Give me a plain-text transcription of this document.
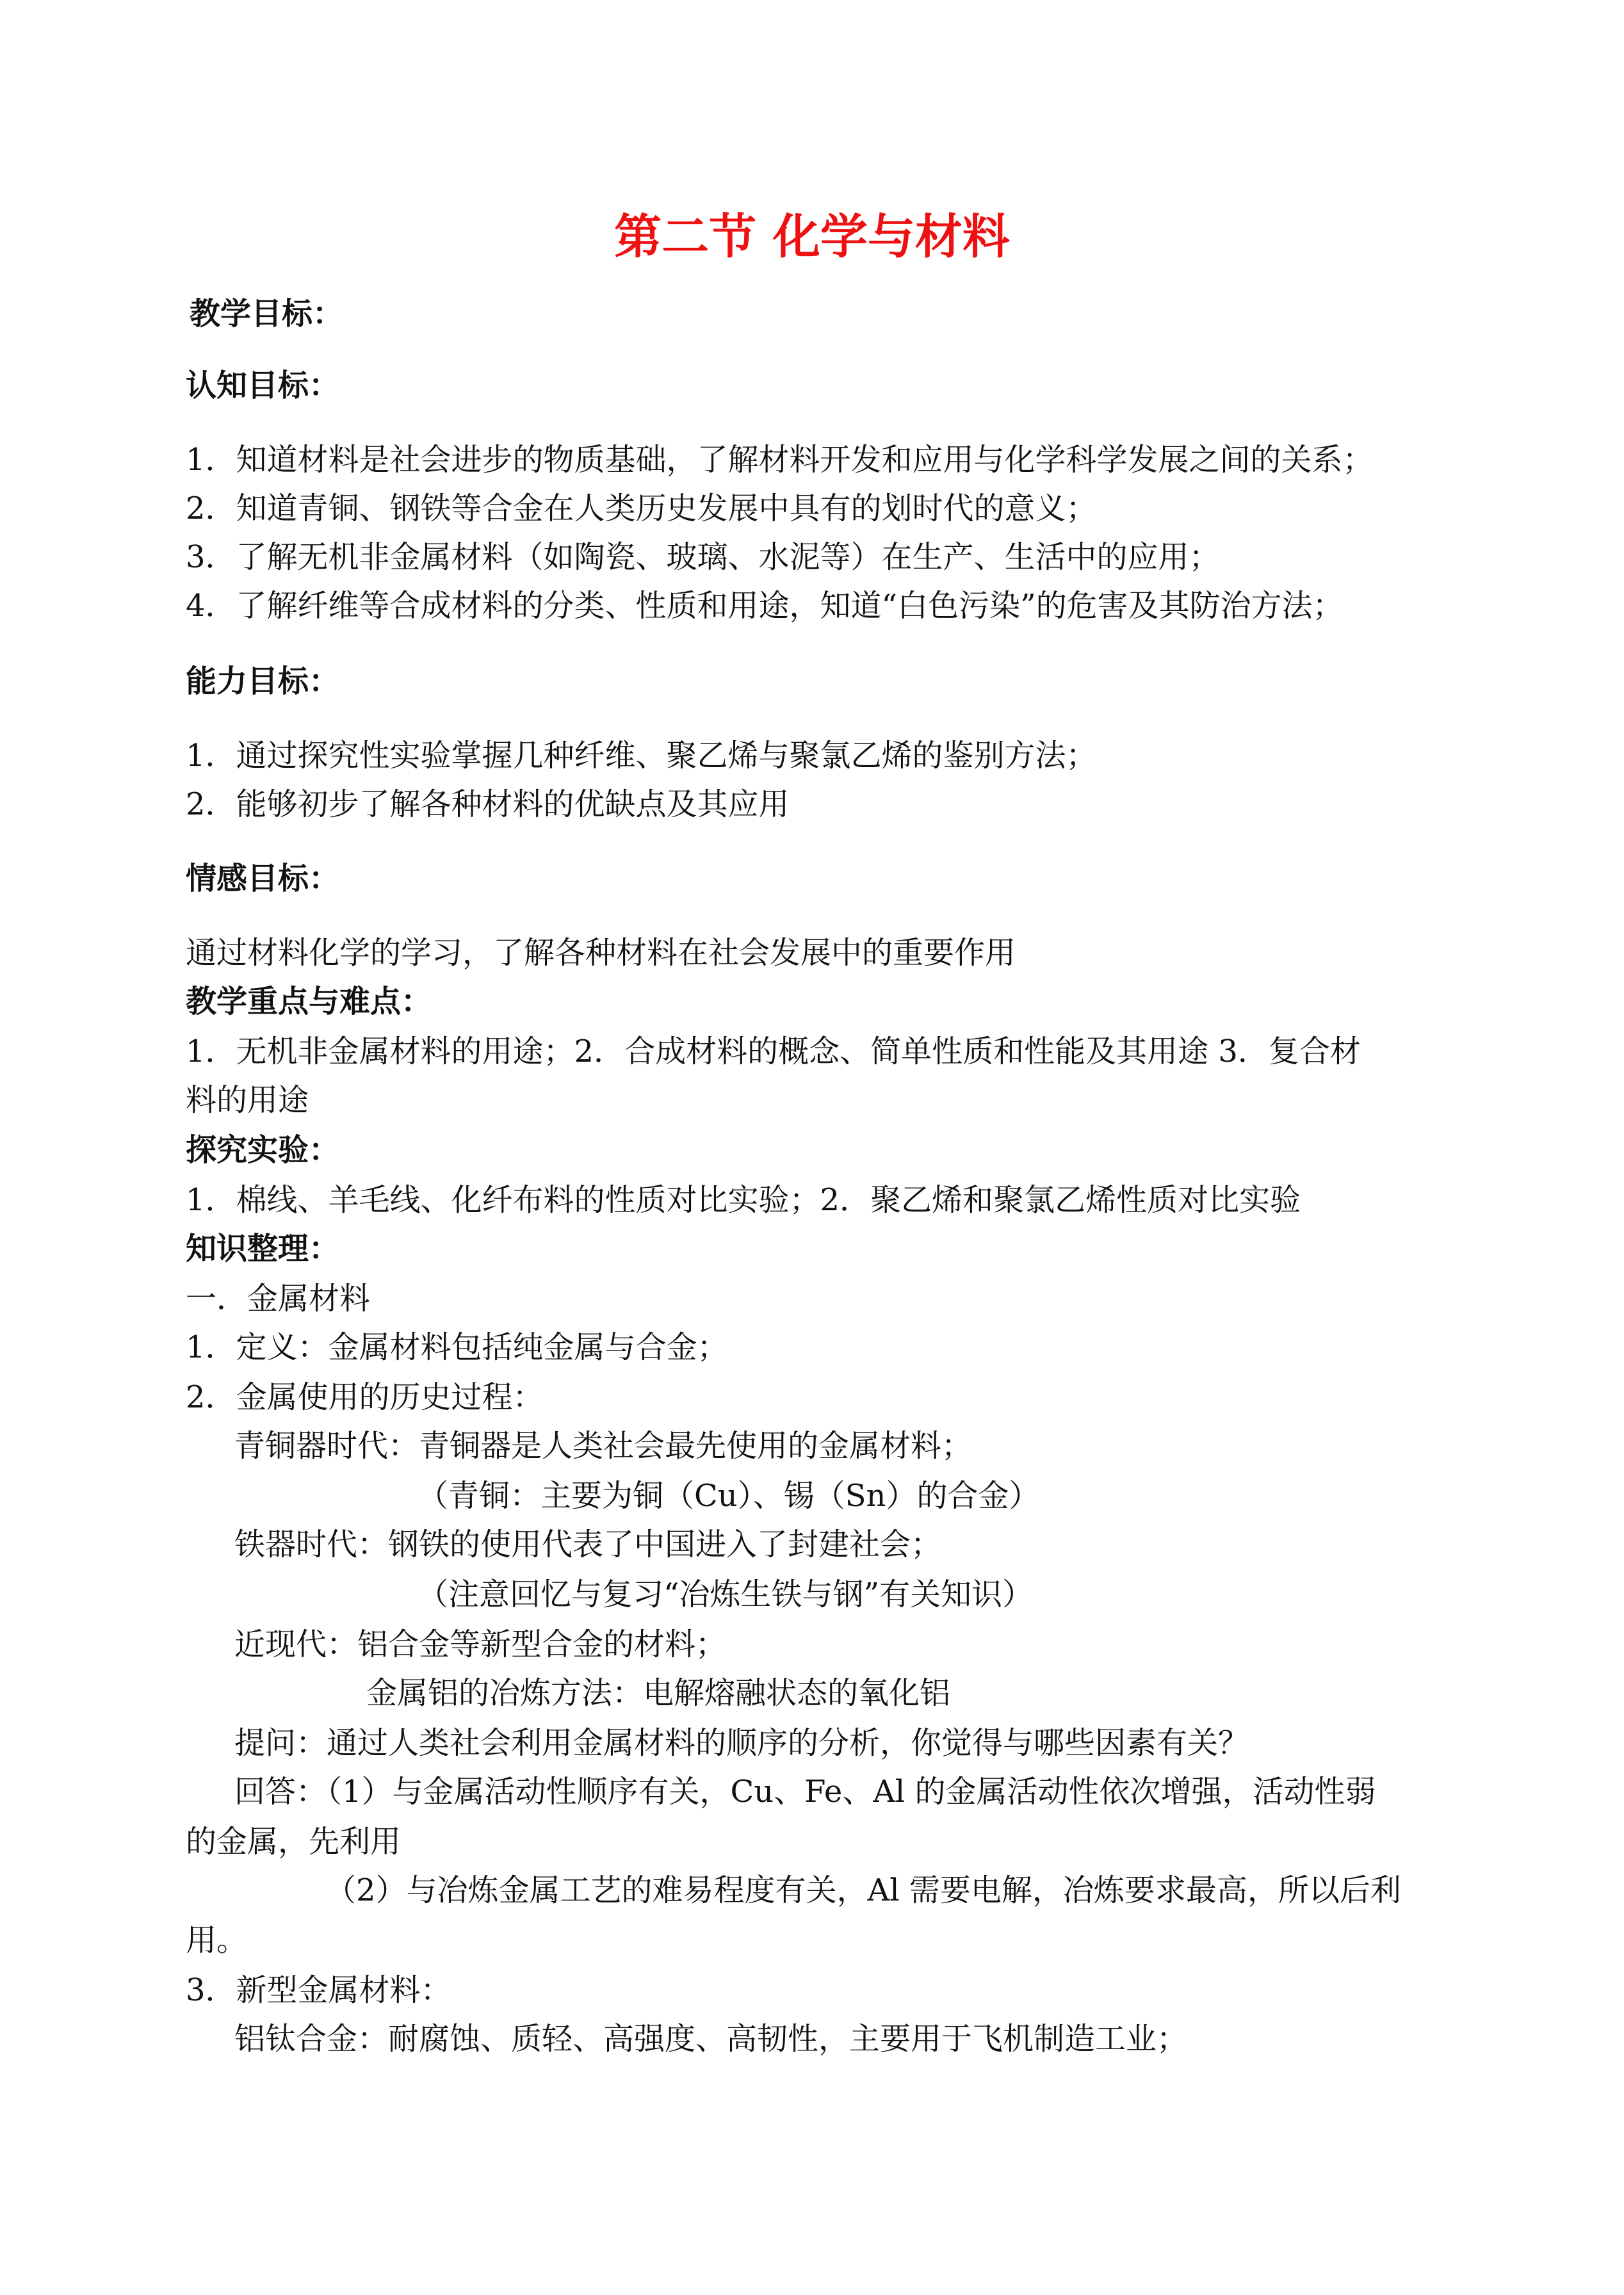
第二节 化学与材料
教学目标：
认知目标：
1．知道材料是社会进步的物质基础，了解材料开发和应用与化学科学发展之间的关系；
2．知道青铜、钢铁等合金在人类历史发展中具有的划时代的意义；
3．了解无机非金属材料（如陶瓷、玻璃、水泥等）在生产、生活中的应用；
4．了解纤维等合成材料的分类、性质和用途，知道“白色污染”的危害及其防治方法；
能力目标：
1．通过探究性实验掌握几种纤维、聚乙烯与聚氯乙烯的鉴别方法；
2．能够初步了解各种材料的优缺点及其应用
情感目标：
通过材料化学的学习，了解各种材料在社会发展中的重要作用
教学重点与难点：
1．无机非金属材料的用途；2．合成材料的概念、简单性质和性能及其用途 3．复合材
料的用途
探究实验：
1．棉线、羊毛线、化纤布料的性质对比实验；2．聚乙烯和聚氯乙烯性质对比实验
知识整理：
一．金属材料
1．定义：金属材料包括纯金属与合金；
2．金属使用的历史过程：
青铜器时代：青铜器是人类社会最先使用的金属材料；
（青铜：主要为铜（Cu）、锡（Sn）的合金）
铁器时代：钢铁的使用代表了中国进入了封建社会；
（注意回忆与复习“冶炼生铁与钢”有关知识）
近现代：铝合金等新型合金的材料；
金属铝的冶炼方法：电解熔融状态的氧化铝
提问：通过人类社会利用金属材料的顺序的分析，你觉得与哪些因素有关？
回答：（1）与金属活动性顺序有关，Cu、Fe、Al 的金属活动性依次增强，活动性弱
的金属，先利用
（2）与冶炼金属工艺的难易程度有关，Al 需要电解，冶炼要求最高，所以后利
用。
3．新型金属材料：
铝钛合金：耐腐蚀、质轻、高强度、高韧性，主要用于飞机制造工业；
